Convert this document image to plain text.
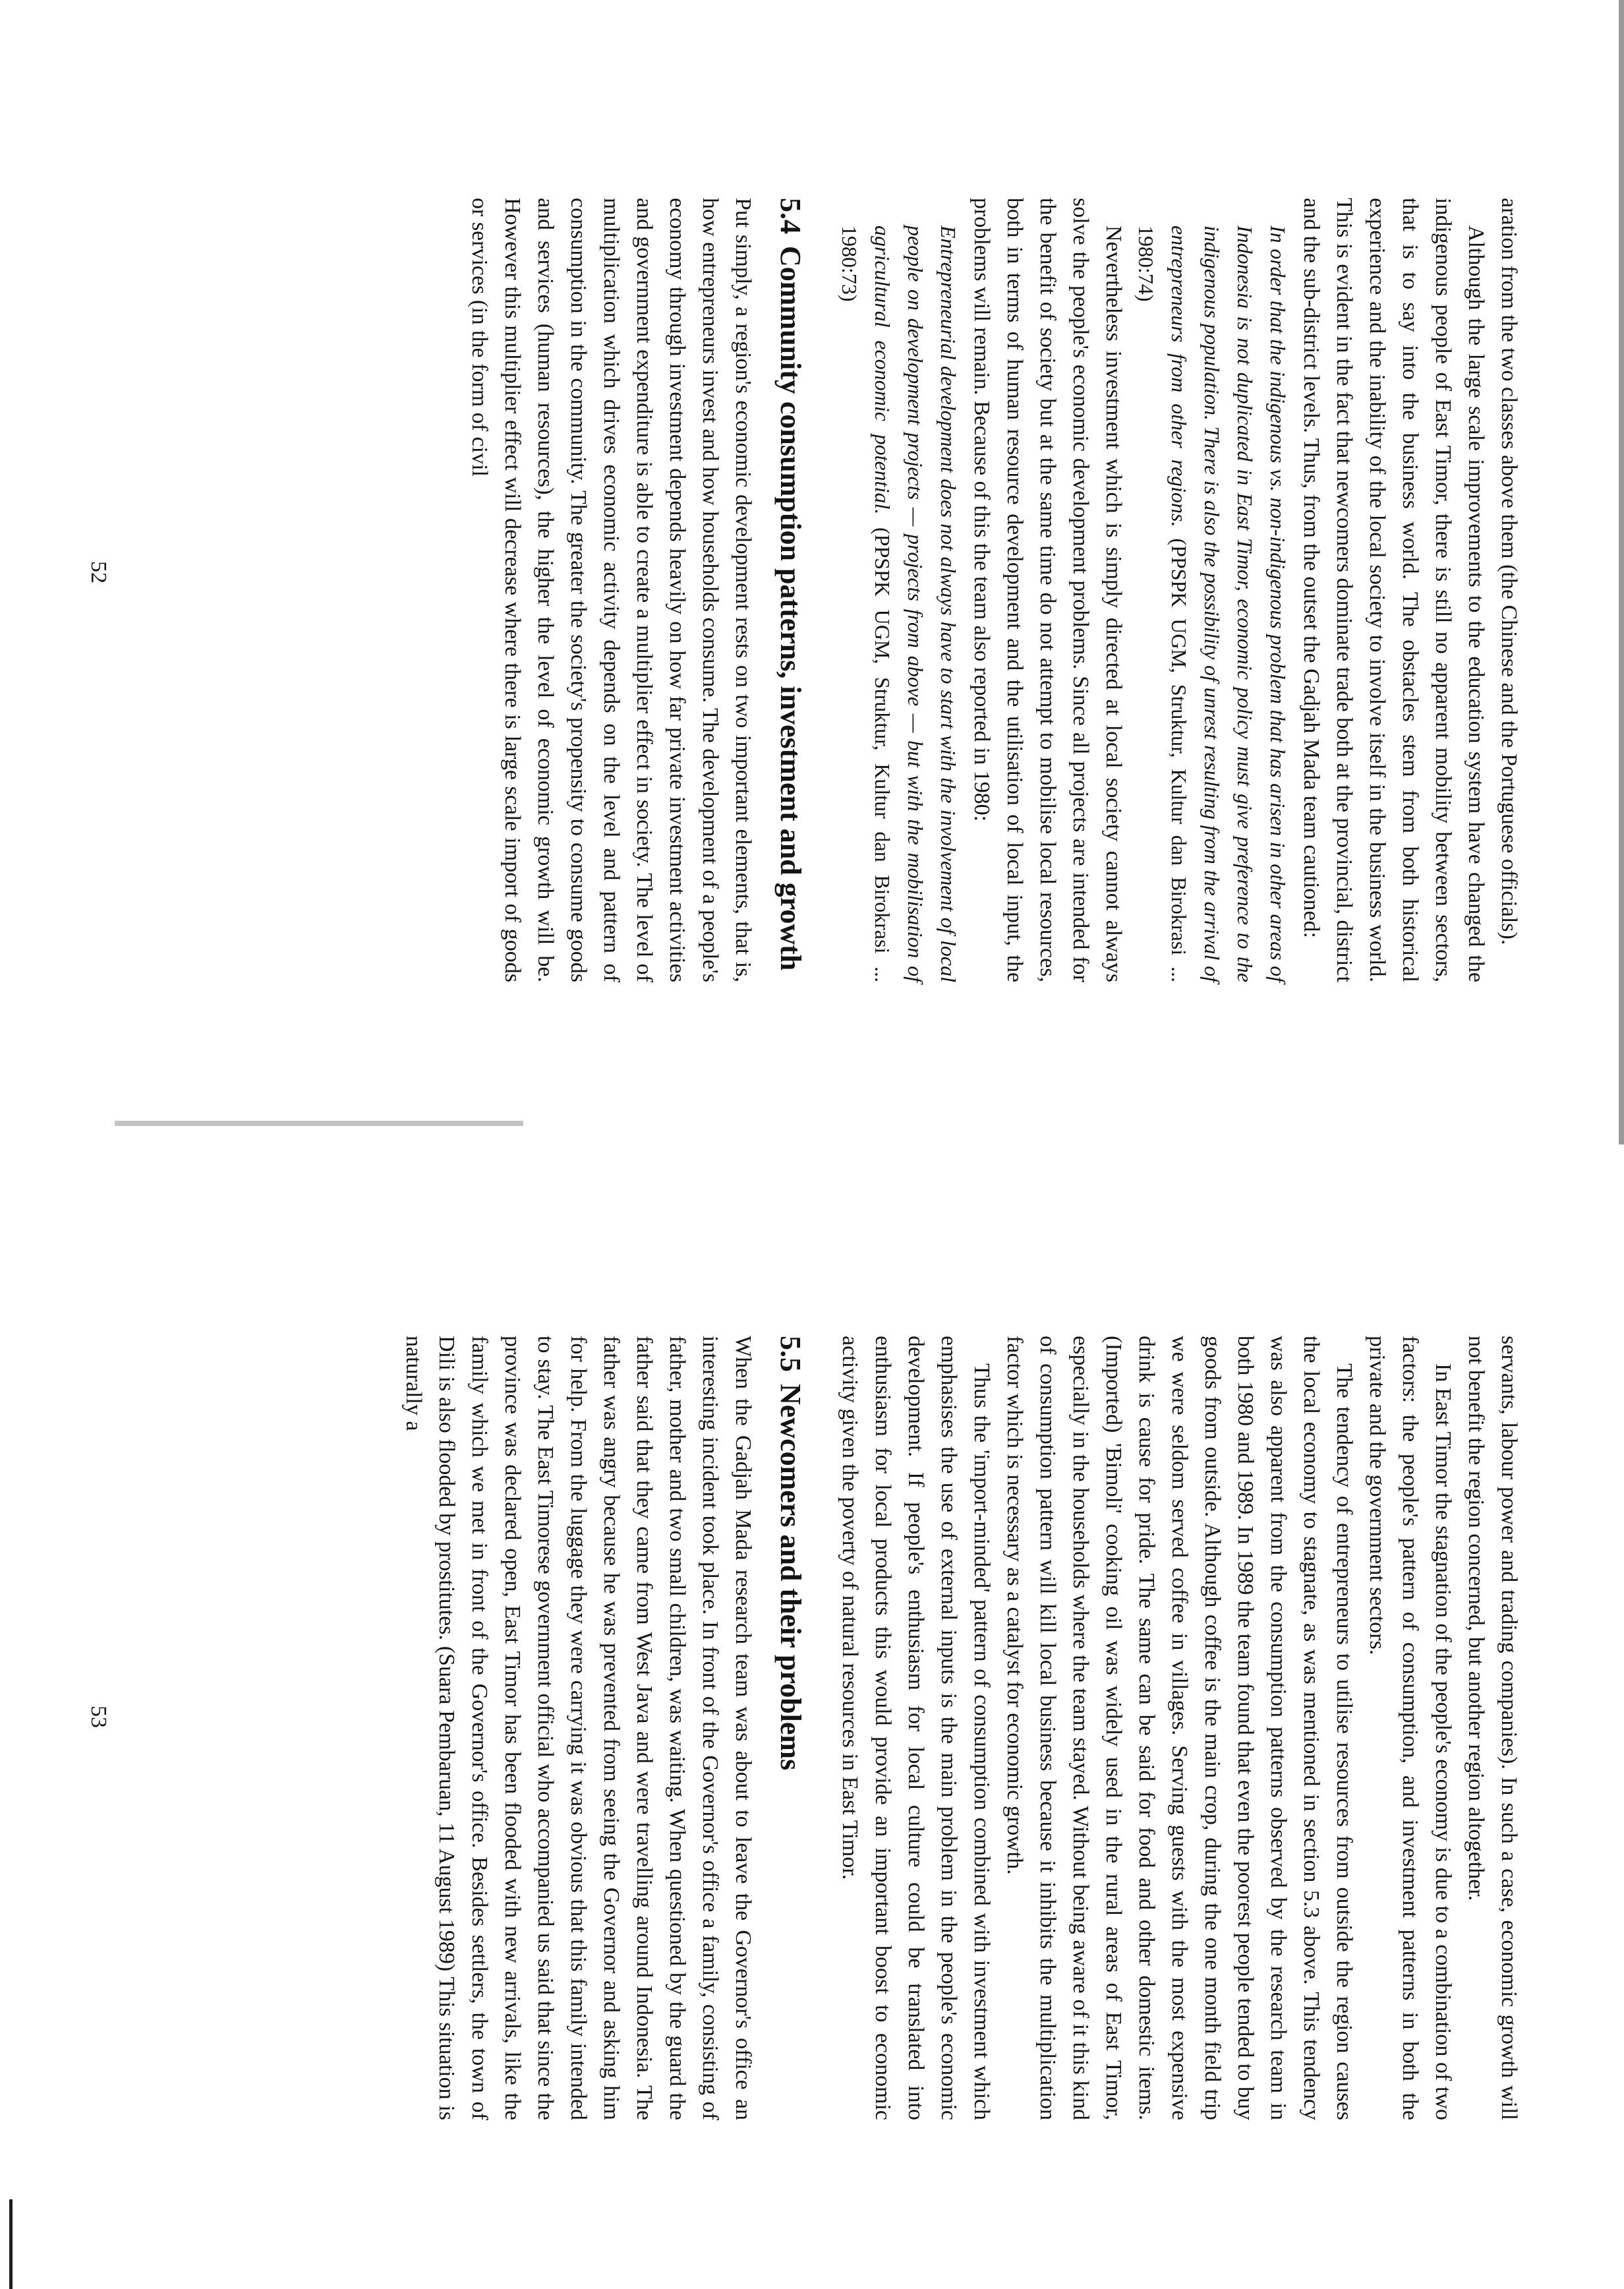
aration from the two classes above them (the Chinese and the Portuguese officials).

Although the large scale improvements to the education system have changed the indigenous people of East Timor, there is still no apparent mobility between sectors, that is to say into the business world. The obstacles stem from both historical experience and the inability of the local society to involve itself in the business world. This is evident in the fact that newcomers dominate trade both at the provincial, district and the sub-district levels. Thus, from the outset the Gadjah Mada team cautioned:

In order that the indigenous vs. non-indigenous problem that has arisen in other areas of Indonesia is not duplicated in East Timor, economic policy must give preference to the indigenous population. There is also the possibility of unrest resulting from the arrival of entrepreneurs from other regions. (PPSPK UGM, Struktur, Kultur dan Birokrasi ... 1980:74)

Nevertheless investment which is simply directed at local society cannot always solve the people's economic development problems. Since all projects are intended for the benefit of society but at the same time do not attempt to mobilise local resources, both in terms of human resource development and the utilisation of local input, the problems will remain. Because of this the team also reported in 1980:

Entrepreneurial development does not always have to start with the involvement of local people on development projects — projects from above — but with the mobilisation of agricultural economic potential. (PPSPK UGM, Struktur, Kultur dan Birokrasi ... 1980:73)

5.4Community consumption patterns, investment and growth

Put simply, a region's economic development rests on two important elements, that is, how entrepreneurs invest and how households consume. The development of a people's economy through investment depends heavily on how far private investment activities and government expenditure is able to create a multiplier effect in society. The level of multiplication which drives economic activity depends on the level and pattern of consumption in the community. The greater the society's propensity to consume goods and services (human resources), the higher the level of economic growth will be. However this multiplier effect will decrease where there is large scale import of goods or services (in the form of civil

52

servants, labour power and trading companies). In such a case, economic growth will not benefit the region concerned, but another region altogether.

In East Timor the stagnation of the people's economy is due to a combination of two factors: the people's pattern of consumption, and investment patterns in both the private and the government sectors.

The tendency of entrepreneurs to utilise resources from outside the region causes the local economy to stagnate, as was mentioned in section 5.3 above. This tendency was also apparent from the consumption patterns observed by the research team in both 1980 and 1989. In 1989 the team found that even the poorest people tended to buy goods from outside. Although coffee is the main crop, during the one month field trip we were seldom served coffee in villages. Serving guests with the most expensive drink is cause for pride. The same can be said for food and other domestic items. (Imported) 'Bimoli' cooking oil was widely used in the rural areas of East Timor, especially in the households where the team stayed. Without being aware of it this kind of consumption pattern will kill local business because it inhibits the multiplication factor which is necessary as a catalyst for economic growth.

Thus the 'import-minded' pattern of consumption combined with investment which emphasises the use of external inputs is the main problem in the people's economic development. If people's enthusiasm for local culture could be translated into enthusiasm for local products this would provide an important boost to economic activity given the poverty of natural resources in East Timor.

5.5Newcomers and their problems

When the Gadjah Mada research team was about to leave the Governor's office an interesting incident took place. In front of the Governor's office a family, consisting of father, mother and two small children, was waiting. When questioned by the guard the father said that they came from West Java and were travelling around Indonesia. The father was angry because he was prevented from seeing the Governor and asking him for help. From the luggage they were carrying it was obvious that this family intended to stay. The East Timorese government official who accompanied us said that since the province was declared open, East Timor has been flooded with new arrivals, like the family which we met in front of the Governor's office. Besides settlers, the town of Dili is also flooded by prostitutes. (Suara Pembaruan, 11 August 1989) This situation is naturally a

53
